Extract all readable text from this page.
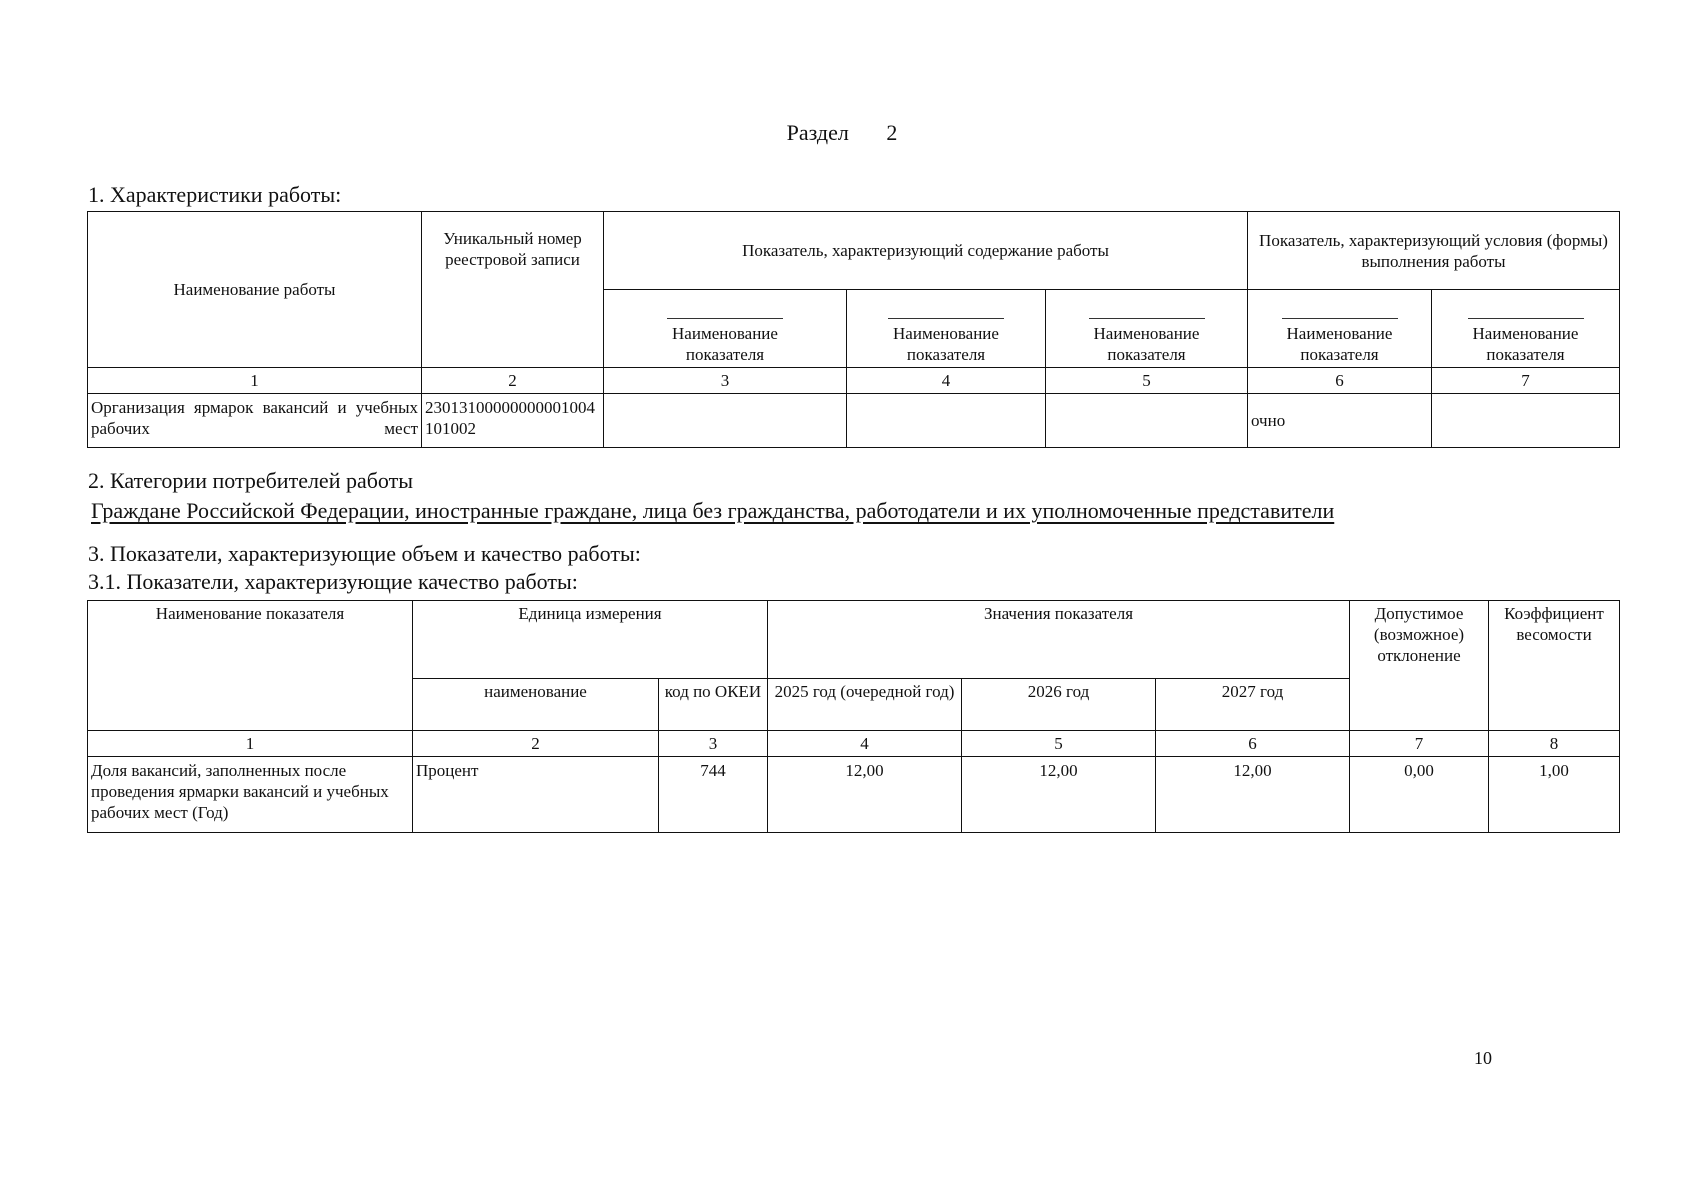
Раздел 2
1. Характеристики работы:
Наименование работы	Уникальный номер реестровой записи	Показатель, характеризующий содержание работы			Показатель, характеризующий условия (формы) выполнения работы	
		Наименование показателя	Наименование показателя	Наименование показателя	Наименование показателя	Наименование показателя
1	2	3	4	5	6	7
Организация ярмарок вакансий и учебных рабочих мест	23013100000000001004101002				очно	
2. Категории потребителей работы
Граждане Российской Федерации, иностранные граждане, лица без гражданства, работодатели и их уполномоченные представители
3. Показатели, характеризующие объем и качество работы:
3.1. Показатели, характеризующие качество работы:
Наименование показателя	Единица измерения		Значения показателя			Допустимое (возможное) отклонение	Коэффициент весомости
	наименование	код по ОКЕИ	2025 год (очередной год)	2026 год	2027 год		
1	2	3	4	5	6	7	8
Доля вакансий, заполненных после проведения ярмарки вакансий и учебных рабочих мест (Год)	Процент	744	12,00	12,00	12,00	0,00	1,00
10
